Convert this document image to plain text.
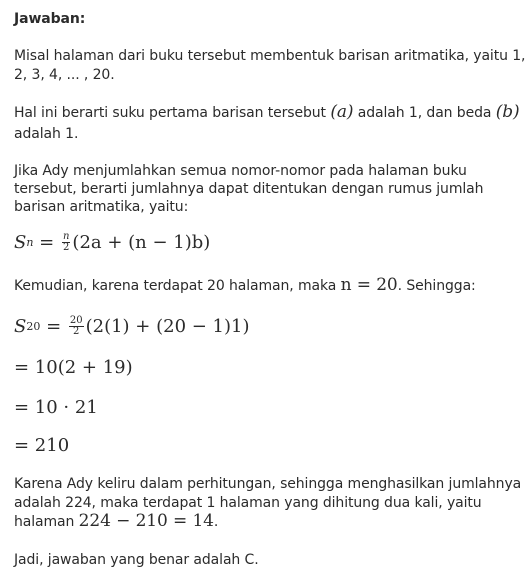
Jawaban:
Misal halaman dari buku tersebut membentuk barisan aritmatika, yaitu 1,
2, 3, 4, ... , 20.
Hal ini berarti suku pertama barisan tersebut (a) adalah 1, dan beda (b)
adalah 1.
Jika Ady menjumlahkan semua nomor-nomor pada halaman buku
tersebut, berarti jumlahnya dapat ditentukan dengan rumus jumlah
barisan aritmatika, yaitu:
S $n = \frac{n}{2} (2a + (n - 1)b)$
Kemudian, karena terdapat 20 halaman, maka n = 20. Sehingga:
S $20 = \frac{20}{2} (2(1) + (20 - 1)1)$
= 10(2 + 19)
= 10 · 21
= 210
Karena Ady keliru dalam perhitungan, sehingga menghasilkan jumlahnya
adalah 224, maka terdapat 1 halaman yang dihitung dua kali, yaitu
halaman 224 − 210 = 14.
Jadi, jawaban yang benar adalah C.
